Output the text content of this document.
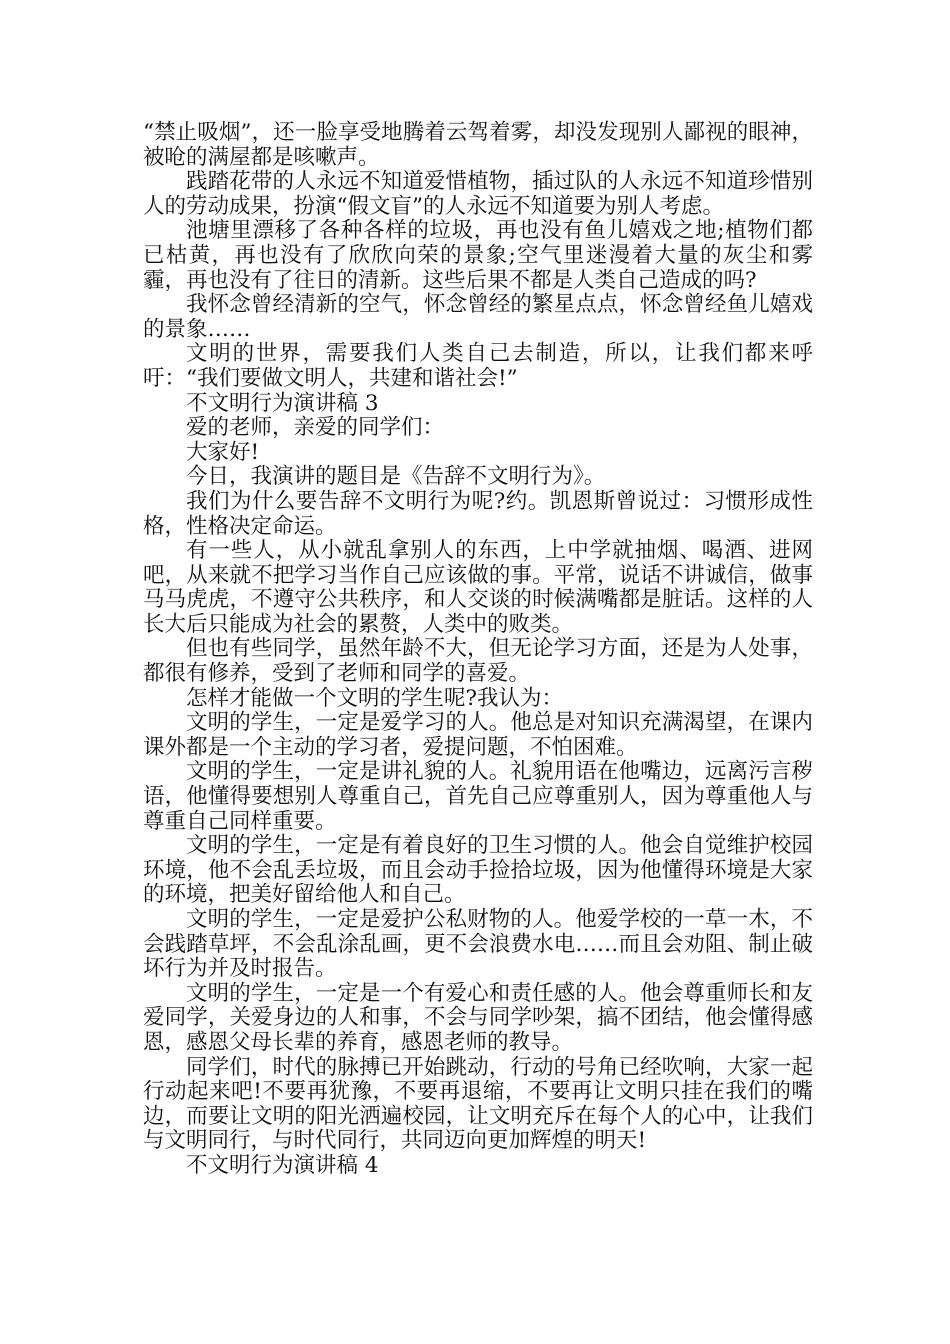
“禁止吸烟”，还一脸享受地腾着云驾着雾，却没发现别人鄙视的眼神，被呛的满屋都是咳嗽声。

践踏花带的人永远不知道爱惜植物，插过队的人永远不知道珍惜别人的劳动成果，扮演“假文盲”的人永远不知道要为别人考虑。

池塘里漂移了各种各样的垃圾，再也没有鱼儿嬉戏之地;植物们都已枯黄，再也没有了欣欣向荣的景象;空气里迷漫着大量的灰尘和雾霾，再也没有了往日的清新。这些后果不都是人类自己造成的吗?

我怀念曾经清新的空气，怀念曾经的繁星点点，怀念曾经鱼儿嬉戏的景象……

文明的世界，需要我们人类自己去制造，所以，让我们都来呼吁：“我们要做文明人，共建和谐社会!”

不文明行为演讲稿 3

爱的老师，亲爱的同学们：

大家好!

今日，我演讲的题目是《告辞不文明行为》。

我们为什么要告辞不文明行为呢?约。凯恩斯曾说过：习惯形成性格，性格决定命运。

有一些人，从小就乱拿别人的东西，上中学就抽烟、喝酒、进网吧，从来就不把学习当作自己应该做的事。平常，说话不讲诚信，做事马马虎虎，不遵守公共秩序，和人交谈的时候满嘴都是脏话。这样的人长大后只能成为社会的累赘，人类中的败类。

但也有些同学，虽然年龄不大，但无论学习方面，还是为人处事，都很有修养，受到了老师和同学的喜爱。

怎样才能做一个文明的学生呢?我认为：

文明的学生，一定是爱学习的人。他总是对知识充满渴望，在课内课外都是一个主动的学习者，爱提问题，不怕困难。

文明的学生，一定是讲礼貌的人。礼貌用语在他嘴边，远离污言秽语，他懂得要想别人尊重自己，首先自己应尊重别人，因为尊重他人与尊重自己同样重要。

文明的学生，一定是有着良好的卫生习惯的人。他会自觉维护校园环境，他不会乱丢垃圾，而且会动手捡拾垃圾，因为他懂得环境是大家的环境，把美好留给他人和自己。

文明的学生，一定是爱护公私财物的人。他爱学校的一草一木，不会践踏草坪，不会乱涂乱画，更不会浪费水电……而且会劝阻、制止破坏行为并及时报告。

文明的学生，一定是一个有爱心和责任感的人。他会尊重师长和友爱同学，关爱身边的人和事，不会与同学吵架，搞不团结，他会懂得感恩，感恩父母长辈的养育，感恩老师的教导。

同学们，时代的脉搏已开始跳动，行动的号角已经吹响，大家一起行动起来吧!不要再犹豫，不要再退缩，不要再让文明只挂在我们的嘴边，而要让文明的阳光洒遍校园，让文明充斥在每个人的心中，让我们与文明同行，与时代同行，共同迈向更加辉煌的明天!

不文明行为演讲稿 4
